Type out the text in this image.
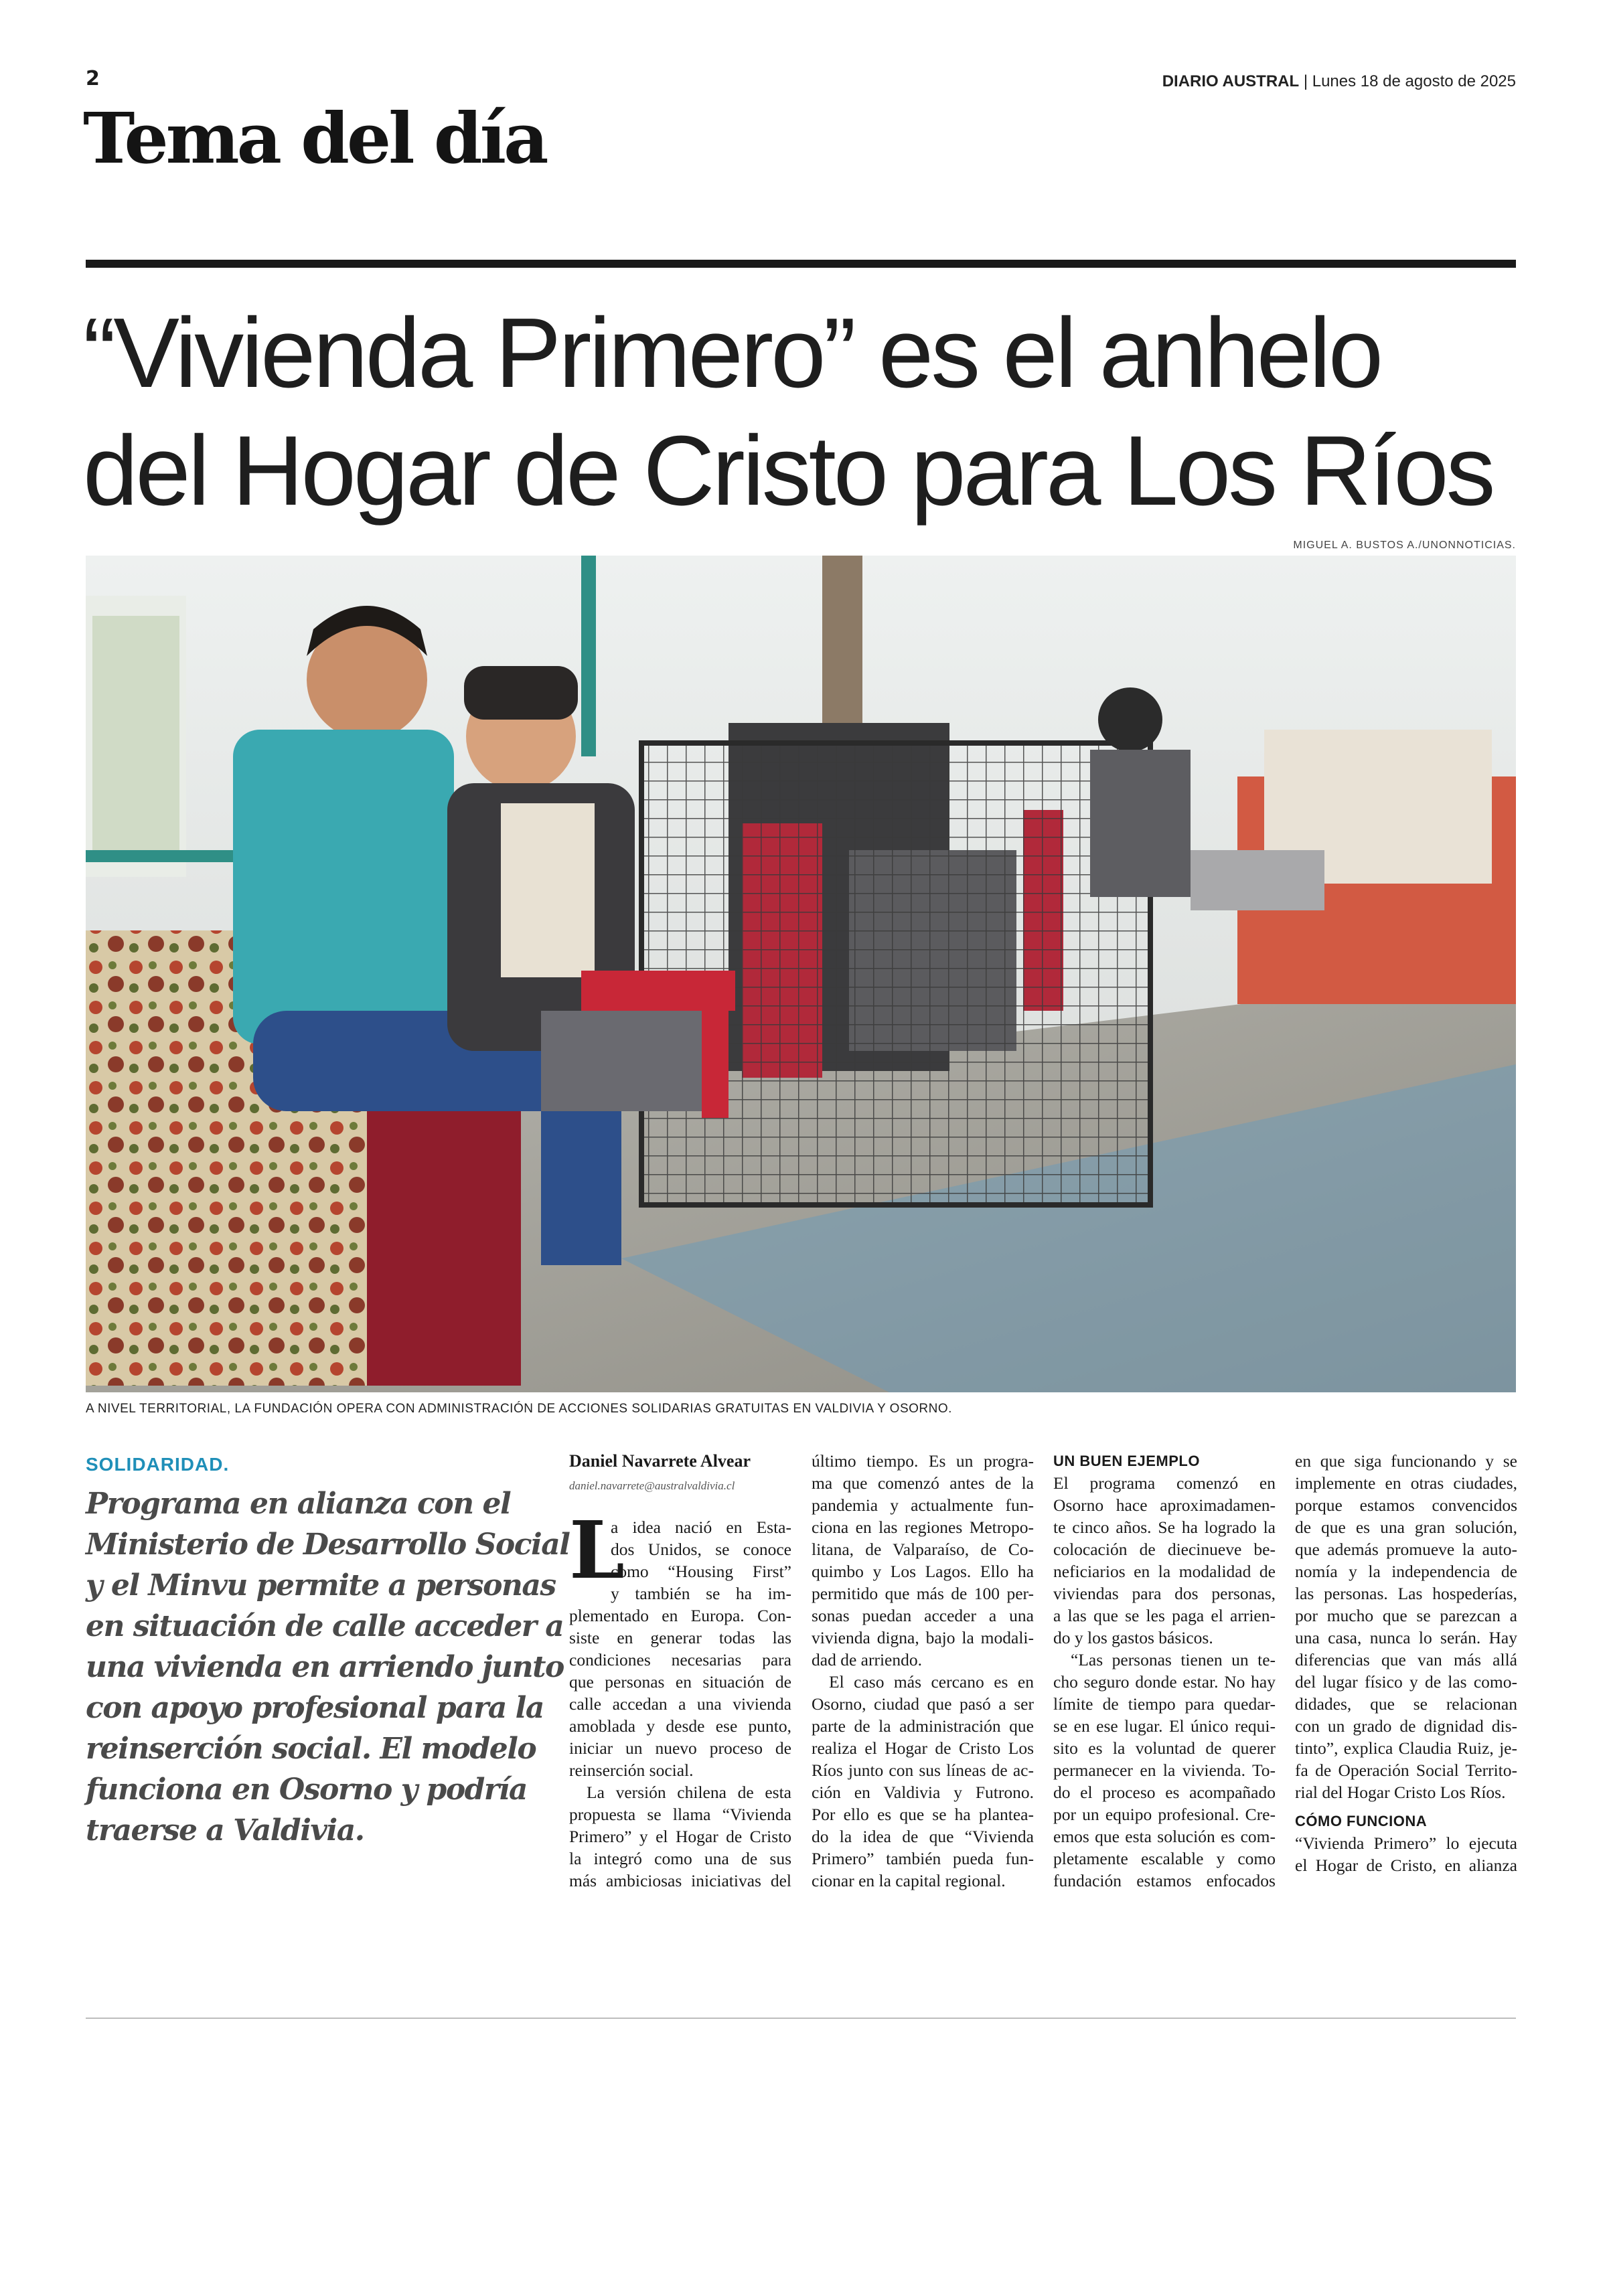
2	DIARIO AUSTRAL | Lunes 18 de agosto de 2025
Tema del día
“Vivienda Primero” es el anhelo
del Hogar de Cristo para Los Ríos
MIGUEL A. BUSTOS A./UNONNOTICIAS.
A NIVEL TERRITORIAL, LA FUNDACIÓN OPERA CON ADMINISTRACIÓN DE ACCIONES SOLIDARIAS GRATUITAS EN VALDIVIA Y OSORNO.
SOLIDARIDAD.
Programa en alianza con el
Ministerio de Desarrollo Social
y el Minvu permite a personas
en situación de calle acceder a
una vivienda en arriendo junto
con apoyo profesional para la
reinserción social. El modelo
funciona en Osorno y podría
traerse a Valdivia.
Daniel Navarrete Alvear
daniel.navarrete@australvaldivia.cl
L
a idea nació en Esta-
dos Unidos, se conoce
como “Housing First”
y también se ha im-
plementado en Europa. Con-
siste en generar todas las
condiciones necesarias para
que personas en situación de
calle accedan a una vivienda
amoblada y desde ese punto,
iniciar un nuevo proceso de
reinserción social.
La versión chilena de esta
propuesta se llama “Vivienda
Primero” y el Hogar de Cristo
la integró como una de sus
más ambiciosas iniciativas del
último tiempo. Es un progra-
ma que comenzó antes de la
pandemia y actualmente fun-
ciona en las regiones Metropo-
litana, de Valparaíso, de Co-
quimbo y Los Lagos. Ello ha
permitido que más de 100 per-
sonas puedan acceder a una
vivienda digna, bajo la modali-
dad de arriendo.
El caso más cercano es en
Osorno, ciudad que pasó a ser
parte de la administración que
realiza el Hogar de Cristo Los
Ríos junto con sus líneas de ac-
ción en Valdivia y Futrono.
Por ello es que se ha plantea-
do la idea de que “Vivienda
Primero” también pueda fun-
cionar en la capital regional.
UN BUEN EJEMPLO
El programa comenzó en
Osorno hace aproximadamen-
te cinco años. Se ha logrado la
colocación de diecinueve be-
neficiarios en la modalidad de
viviendas para dos personas,
a las que se les paga el arrien-
do y los gastos básicos.
“Las personas tienen un te-
cho seguro donde estar. No hay
límite de tiempo para quedar-
se en ese lugar. El único requi-
sito es la voluntad de querer
permanecer en la vivienda. To-
do el proceso es acompañado
por un equipo profesional. Cre-
emos que esta solución es com-
pletamente escalable y como
fundación estamos enfocados
en que siga funcionando y se
implemente en otras ciudades,
porque estamos convencidos
de que es una gran solución,
que además promueve la auto-
nomía y la independencia de
las personas. Las hospederías,
por mucho que se parezcan a
una casa, nunca lo serán. Hay
diferencias que van más allá
del lugar físico y de las como-
didades, que se relacionan
con un grado de dignidad dis-
tinto”, explica Claudia Ruiz, je-
fa de Operación Social Territo-
rial del Hogar Cristo Los Ríos.
CÓMO FUNCIONA
“Vivienda Primero” lo ejecuta
el Hogar de Cristo, en alianza
